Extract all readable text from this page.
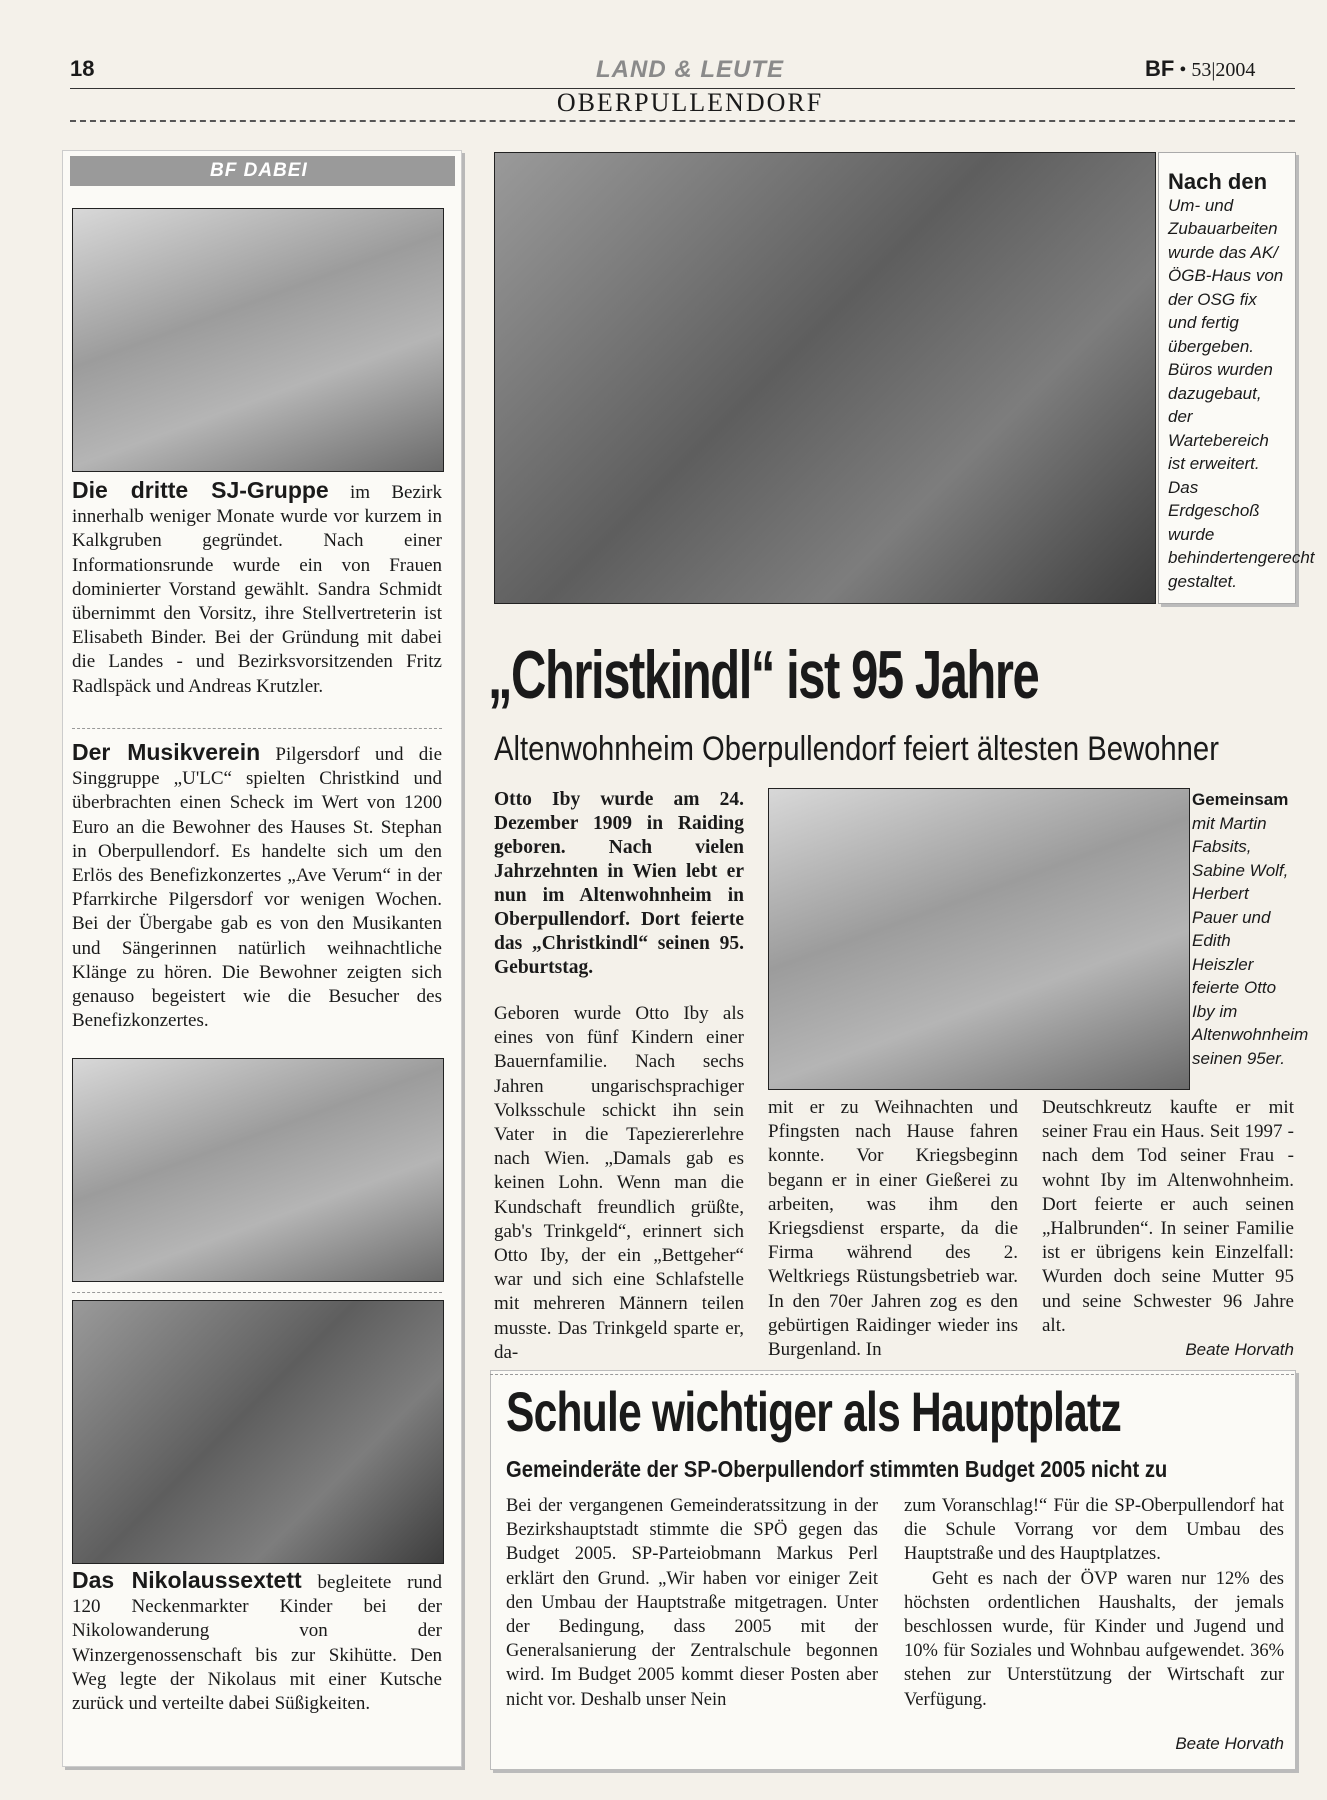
18	LAND & LEUTE	BF • 53|2004
OBERPULLENDORF
BF DABEI

Die dritte SJ-Gruppe im Bezirk innerhalb weniger Monate wurde vor kurzem in Kalkgruben gegründet. Nach einer Informationsrunde wurde ein von Frauen dominierter Vorstand gewählt. Sandra Schmidt übernimmt den Vorsitz, ihre Stellvertreterin ist Elisabeth Binder. Bei der Gründung mit dabei die Landes - und Bezirksvorsitzenden Fritz Radlspäck und Andreas Krutzler.

Der Musikverein Pilgersdorf und die Singgruppe „U'LC“ spielten Christkind und überbrachten einen Scheck im Wert von 1200 Euro an die Bewohner des Hauses St. Stephan in Oberpullendorf. Es handelte sich um den Erlös des Benefizkonzertes „Ave Verum“ in der Pfarrkirche Pilgersdorf vor wenigen Wochen. Bei der Übergabe gab es von den Musikanten und Sängerinnen natürlich weihnachtliche Klänge zu hören. Die Bewohner zeigten sich genauso begeistert wie die Besucher des Benefizkonzertes.

Das Nikolaussextett begleitete rund 120 Neckenmarkter Kinder bei der Nikolowanderung von der Winzergenossenschaft bis zur Skihütte. Den Weg legte der Nikolaus mit einer Kutsche zurück und verteilte dabei Süßigkeiten.

Nach den
Um- und Zubauarbeiten wurde das AK/ÖGB-Haus von der OSG fix und fertig übergeben. Büros wurden dazugebaut, der Wartebereich ist erweitert. Das Erdgeschoß wurde behindertengerecht gestaltet.
„Christkindl“ ist 95 Jahre
Altenwohnheim Oberpullendorf feiert ältesten Bewohner
Otto Iby wurde am 24. Dezember 1909 in Raiding geboren. Nach vielen Jahrzehnten in Wien lebt er nun im Altenwohnheim in Oberpullendorf. Dort feierte das „Christkindl“ seinen 95. Geburtstag.
Gemeinsam
mit Martin Fabsits, Sabine Wolf, Herbert Pauer und Edith Heiszler feierte Otto Iby im Altenwohnheim seinen 95er.
Geboren wurde Otto Iby als eines von fünf Kindern einer Bauernfamilie. Nach sechs Jahren ungarischsprachiger Volksschule schickt ihn sein Vater in die Tapeziererlehre nach Wien. „Damals gab es keinen Lohn. Wenn man die Kundschaft freundlich grüßte, gab's Trinkgeld“, erinnert sich Otto Iby, der ein „Bettgeher“ war und sich eine Schlafstelle mit mehreren Männern teilen musste. Das Trinkgeld sparte er, da-
mit er zu Weihnachten und Pfingsten nach Hause fahren konnte. Vor Kriegsbeginn begann er in einer Gießerei zu arbeiten, was ihm den Kriegsdienst ersparte, da die Firma während des 2. Weltkriegs Rüstungsbetrieb war. In den 70er Jahren zog es den gebürtigen Raidinger wieder ins Burgenland. In
Deutschkreutz kaufte er mit seiner Frau ein Haus. Seit 1997 - nach dem Tod seiner Frau - wohnt Iby im Altenwohnheim. Dort feierte er auch seinen „Halbrunden“. In seiner Familie ist er übrigens kein Einzelfall: Wurden doch seine Mutter 95 und seine Schwester 96 Jahre alt.
Beate Horvath
Schule wichtiger als Hauptplatz
Gemeinderäte der SP-Oberpullendorf stimmten Budget 2005 nicht zu
Bei der vergangenen Gemeinderatssitzung in der Bezirkshauptstadt stimmte die SPÖ gegen das Budget 2005. SP-Parteiobmann Markus Perl erklärt den Grund. „Wir haben vor einiger Zeit den Umbau der Hauptstraße mitgetragen. Unter der Bedingung, dass 2005 mit der Generalsanierung der Zentralschule begonnen wird. Im Budget 2005 kommt dieser Posten aber nicht vor. Deshalb unser Nein

zum Voranschlag!“ Für die SP-Oberpullendorf hat die Schule Vorrang vor dem Umbau des Hauptstraße und des Hauptplatzes.

Geht es nach der ÖVP waren nur 12% des höchsten ordentlichen Haushalts, der jemals beschlossen wurde, für Kinder und Jugend und 10% für Soziales und Wohnbau aufgewendet. 36% stehen zur Unterstützung der Wirtschaft zur Verfügung.

Beate Horvath
